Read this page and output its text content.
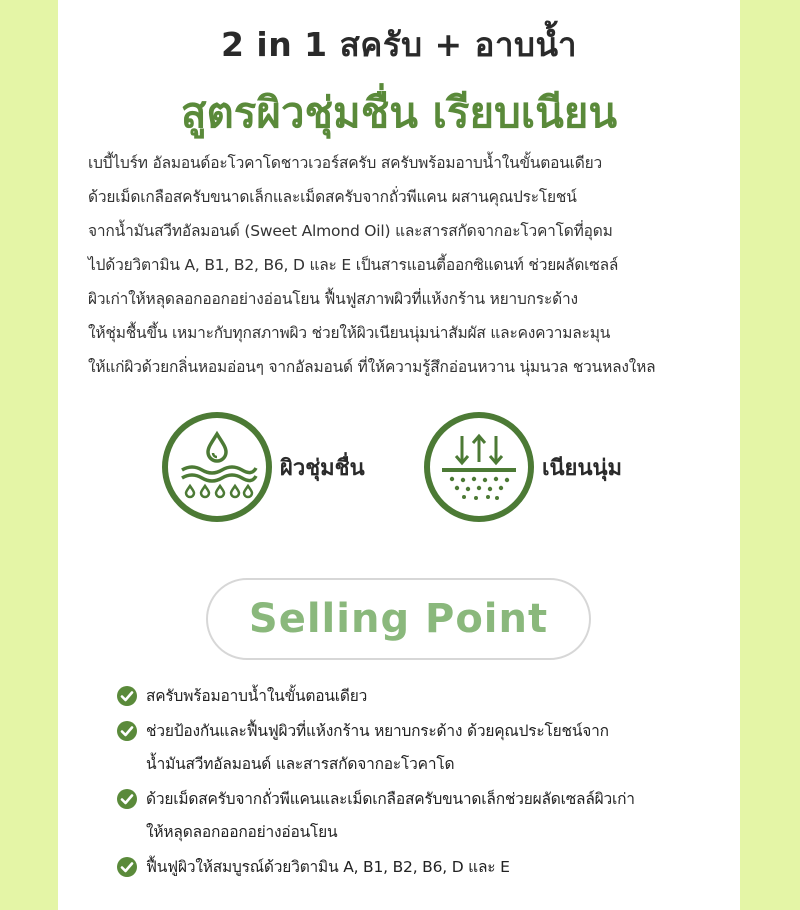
2 in 1 สครับ + อาบน้ำ
สูตรผิวชุ่มชื่น เรียบเนียน
เบบี้ไบร์ท อัลมอนด์อะโวคาโดชาวเวอร์สครับ สครับพร้อมอาบน้ำในขั้นตอนเดียว
ด้วยเม็ดเกลือสครับขนาดเล็กและเม็ดสครับจากถั่วพีแคน ผสานคุณประโยชน์
จากน้ำมันสวีทอัลมอนด์ (Sweet Almond Oil) และสารสกัดจากอะโวคาโดที่อุดม
ไปด้วยวิตามิน A, B1, B2, B6, D และ E เป็นสารแอนตี้ออกซิแดนท์ ช่วยผลัดเซลล์
ผิวเก่าให้หลุดลอกออกอย่างอ่อนโยน ฟื้นฟูสภาพผิวที่แห้งกร้าน หยาบกระด้าง
ให้ชุ่มชื้นขึ้น เหมาะกับทุกสภาพผิว ช่วยให้ผิวเนียนนุ่มน่าสัมผัส และคงความละมุน
ให้แก่ผิวด้วยกลิ่นหอมอ่อนๆ จากอัลมอนด์ ที่ให้ความรู้สึกอ่อนหวาน นุ่มนวล ชวนหลงใหล
ผิวชุ่มชื่น	เนียนนุ่ม
Selling Point
สครับพร้อมอาบน้ำในขั้นตอนเดียว
ช่วยป้องกันและฟื้นฟูผิวที่แห้งกร้าน หยาบกระด้าง ด้วยคุณประโยชน์จาก
น้ำมันสวีทอัลมอนด์ และสารสกัดจากอะโวคาโด
ด้วยเม็ดสครับจากถั่วพีแคนและเม็ดเกลือสครับขนาดเล็กช่วยผลัดเซลล์ผิวเก่า
ให้หลุดลอกออกอย่างอ่อนโยน
ฟื้นฟูผิวให้สมบูรณ์ด้วยวิตามิน A, B1, B2, B6, D และ E
